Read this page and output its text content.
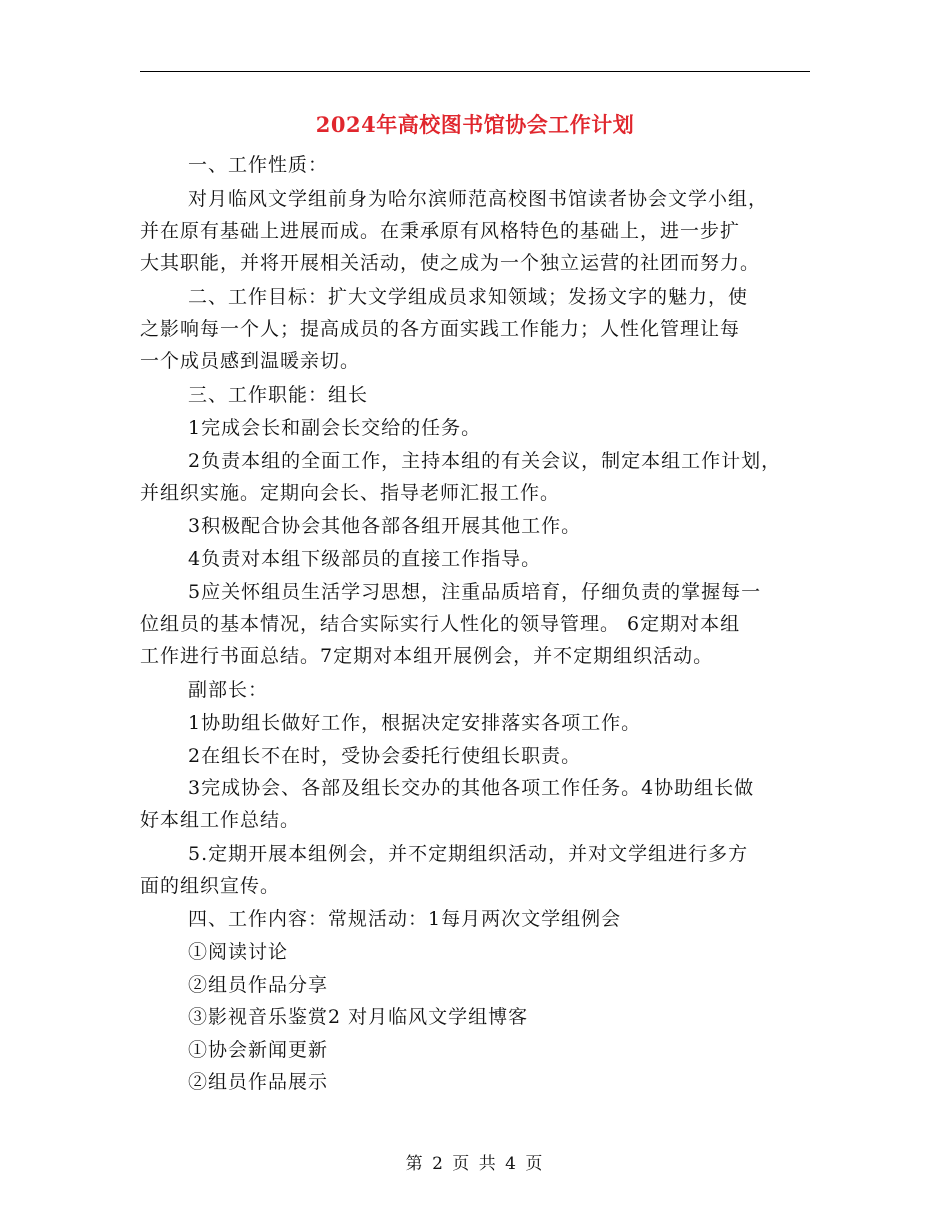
2024年高校图书馆协会工作计划
一、工作性质：
对月临风文学组前身为哈尔滨师范高校图书馆读者协会文学小组，
并在原有基础上进展而成。在秉承原有风格特色的基础上，进一步扩
大其职能，并将开展相关活动，使之成为一个独立运营的社团而努力。
二、工作目标：扩大文学组成员求知领域；发扬文字的魅力，使
之影响每一个人；提高成员的各方面实践工作能力；人性化管理让每
一个成员感到温暖亲切。
三、工作职能：组长
1完成会长和副会长交给的任务。
2负责本组的全面工作，主持本组的有关会议，制定本组工作计划，
并组织实施。定期向会长、指导老师汇报工作。
3积极配合协会其他各部各组开展其他工作。
4负责对本组下级部员的直接工作指导。
5应关怀组员生活学习思想，注重品质培育，仔细负责的掌握每一
位组员的基本情况，结合实际实行人性化的领导管理。 6定期对本组
工作进行书面总结。7定期对本组开展例会，并不定期组织活动。
副部长：
1协助组长做好工作，根据决定安排落实各项工作。
2在组长不在时，受协会委托行使组长职责。
3完成协会、各部及组长交办的其他各项工作任务。4协助组长做
好本组工作总结。
5.定期开展本组例会，并不定期组织活动，并对文学组进行多方
面的组织宣传。
四、工作内容：常规活动：1每月两次文学组例会
①阅读讨论
②组员作品分享
③影视音乐鉴赏2 对月临风文学组博客
①协会新闻更新
②组员作品展示
第 2 页 共 4 页
